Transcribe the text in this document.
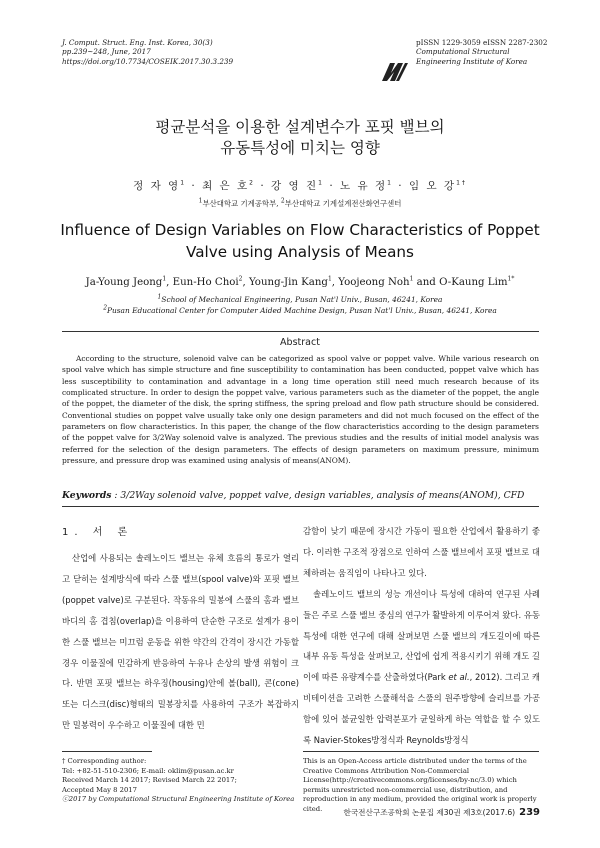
J. Comput. Struct. Eng. Inst. Korea, 30(3)
pp.239~248, June, 2017
https://doi.org/10.7734/COSEIK.2017.30.3.239
pISSN 1229-3059 eISSN 2287-2302
Computational Structural
Engineering Institute of Korea
평균분석을 이용한 설계변수가 포핏 밸브의
유동특성에 미치는 영향
정 자 영$^1$ · 최 은 호$^2$ · 강 영 진$^1$ · 노 유 정$^1$ · 임 오 강$^{1\dagger}$
$^1$부산대학교 기계공학부, $^2$부산대학교 기계설계전산화연구센터
Influence of Design Variables on Flow Characteristics of Poppet
Valve using Analysis of Means
Ja-Young Jeong$^1$, Eun-Ho Choi$^2$, Young-Jin Kang$^1$, Yoojeong Noh$^1$ and O-Kaung Lim$^{1*}$
$^1$School of Mechanical Engineering, Pusan Nat'l Univ., Busan, 46241, Korea
$^2$Pusan Educational Center for Computer Aided Machine Design, Pusan Nat'l Univ., Busan, 46241, Korea
Abstract
According to the structure, solenoid valve can be categorized as spool valve or poppet valve. While various research on spool valve which has simple structure and fine susceptibility to contamination has been conducted, poppet valve which has less susceptibility to contamination and advantage in a long time operation still need much research because of its complicated structure. In order to design the poppet valve, various parameters such as the diameter of the poppet, the angle of the poppet, the diameter of the disk, the spring stiffness, the spring preload and flow path structure should be considered. Conventional studies on poppet valve usually take only one design parameters and did not much focused on the effect of the parameters on flow characteristics. In this paper, the change of the flow characteristics according to the design parameters of the poppet valve for 3/2Way solenoid valve is analyzed. The previous studies and the results of initial model analysis was referred for the selection of the design parameters. The effects of design parameters on maximum pressure, minimum pressure, and pressure drop was examined using analysis of means(ANOM).
Keywords : 3/2Way solenoid valve, poppet valve, design variables, analysis of means(ANOM), CFD
1. 서 론
산업에 사용되는 솔레노이드 밸브는 유체 흐름의 통로가 열리고 닫히는 설계방식에 따라 스풀 밸브(spool valve)와 포핏 밸브(poppet valve)로 구분된다. 작동유의 밀봉에 스풀의 홈과 밸브바디의 홈 겹침(overlap)을 이용하여 단순한 구조로 설계가 용이한 스풀 밸브는 미끄럼 운동을 위한 약간의 간격이 장시간 가동할 경우 이물질에 민감하게 반응하여 누유나 손상의 발생 위험이 크다. 반면 포핏 밸브는 하우징(housing)안에 볼(ball), 콘(cone) 또는 디스크(disc)형태의 밀봉장치를 사용하여 구조가 복잡하지만 밀봉력이 우수하고 이물질에 대한 민

감함이 낮기 때문에 장시간 가동이 필요한 산업에서 활용하기 좋다. 이러한 구조적 장점으로 인하여 스풀 밸브에서 포핏 밸브로 대체하려는 움직임이 나타나고 있다.

솔레노이드 밸브의 성능 개선이나 특성에 대하여 연구된 사례들은 주로 스풀 밸브 중심의 연구가 활발하게 이루어져 왔다. 유동 특성에 대한 연구에 대해 살펴보면 스풀 밸브의 개도길이에 따른 내부 유동 특성을 살펴보고, 산업에 쉽게 적용시키기 위해 개도 길이에 따른 유량계수를 산출하였다(Park et al., 2012). 그리고 캐비테이션을 고려한 스풀해석을 스풀의 원주방향에 슬리브를 가공함에 있어 불균일한 압력분포가 균일하게 하는 역할을 할 수 있도록 Navier-Stokes방정식과 Reynolds방정식

† Corresponding author:
Tel: +82-51-510-2306; E-mail: oklim@pusan.ac.kr
Received March 14 2017; Revised March 22 2017;
Accepted May 8 2017
ⓒ2017 by Computational Structural Engineering Institute of Korea
This is an Open-Access article distributed under the terms of the Creative Commons Attribution Non-Commercial License(http://creativecommons.org/licenses/by-nc/3.0) which permits unrestricted non-commercial use, distribution, and reproduction in any medium, provided the original work is properly cited.	한국전산구조공학회 논문집 제30권 제3호(2017.6) 239
